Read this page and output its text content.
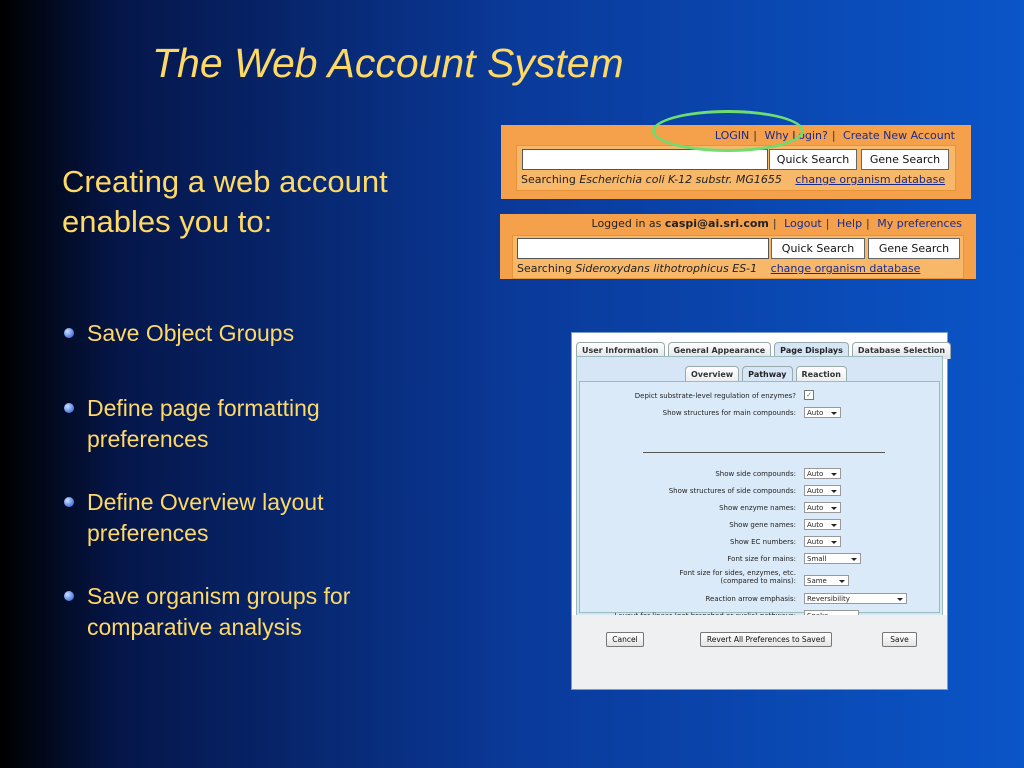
The Web Account System

Creating a web account enables you to:

Save Object Groups
Define page formatting preferences
Define Overview layout preferences
Save organism groups for comparative analysis
LOGIN | Why Login? | Create New Account
Quick Search	Gene Search
Searching Escherichia coli K-12 substr. MG1655 change organism database
Logged in as caspi@ai.sri.com | Logout | Help | My preferences
Quick Search	Gene Search
Searching Sideroxydans lithotrophicus ES-1 change organism database
User Information	General Appearance	Page Displays	Database Selection
Overview	Pathway	Reaction
Depict substrate-level regulation of enzymes? ✓
Show structures for main compounds:	Auto
Show side compounds:	Auto
Show structures of side compounds:	Auto
Show enzyme names:	Auto
Show gene names:	Auto
Show EC numbers:	Auto
Font size for mains:	Small
Font size for sides, enzymes, etc.
(compared to mains):	Same
Reaction arrow emphasis:	Reversibility
Cancel	Revert All Preferences to Saved	Save
